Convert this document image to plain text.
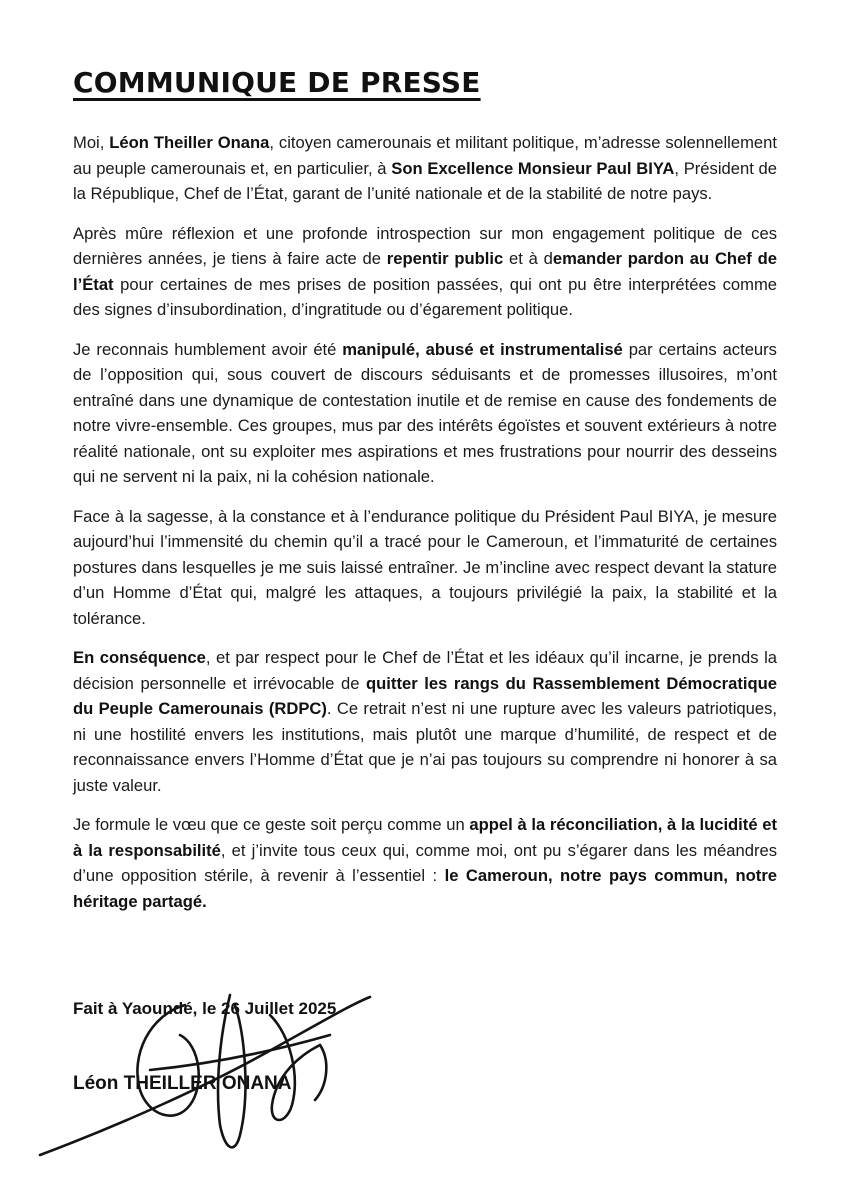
COMMUNIQUE DE PRESSE

Moi, Léon Theiller Onana, citoyen camerounais et militant politique, m’adresse solennellement au peuple camerounais et, en particulier, à Son Excellence Monsieur Paul BIYA, Président de la République, Chef de l’État, garant de l’unité nationale et de la stabilité de notre pays.

Après mûre réflexion et une profonde introspection sur mon engagement politique de ces dernières années, je tiens à faire acte de repentir public et à demander pardon au Chef de l’État pour certaines de mes prises de position passées, qui ont pu être interprétées comme des signes d’insubordination, d’ingratitude ou d’égarement politique.

Je reconnais humblement avoir été manipulé, abusé et instrumentalisé par certains acteurs de l’opposition qui, sous couvert de discours séduisants et de promesses illusoires, m’ont entraîné dans une dynamique de contestation inutile et de remise en cause des fondements de notre vivre-ensemble. Ces groupes, mus par des intérêts égoïstes et souvent extérieurs à notre réalité nationale, ont su exploiter mes aspirations et mes frustrations pour nourrir des desseins qui ne servent ni la paix, ni la cohésion nationale.

Face à la sagesse, à la constance et à l’endurance politique du Président Paul BIYA, je mesure aujourd’hui l’immensité du chemin qu’il a tracé pour le Cameroun, et l’immaturité de certaines postures dans lesquelles je me suis laissé entraîner. Je m’incline avec respect devant la stature d’un Homme d’État qui, malgré les attaques, a toujours privilégié la paix, la stabilité et la tolérance.

En conséquence, et par respect pour le Chef de l’État et les idéaux qu’il incarne, je prends la décision personnelle et irrévocable de quitter les rangs du Rassemblement Démocratique du Peuple Camerounais (RDPC). Ce retrait n’est ni une rupture avec les valeurs patriotiques, ni une hostilité envers les institutions, mais plutôt une marque d’humilité, de respect et de reconnaissance envers l’Homme d’État que je n’ai pas toujours su comprendre ni honorer à sa juste valeur.

Je formule le vœu que ce geste soit perçu comme un appel à la réconciliation, à la lucidité et à la responsabilité, et j’invite tous ceux qui, comme moi, ont pu s’égarer dans les méandres d’une opposition stérile, à revenir à l’essentiel : le Cameroun, notre pays commun, notre héritage partagé.

Fait à Yaoundé, le 26 Juillet 2025

Léon THEILLER ONANA
